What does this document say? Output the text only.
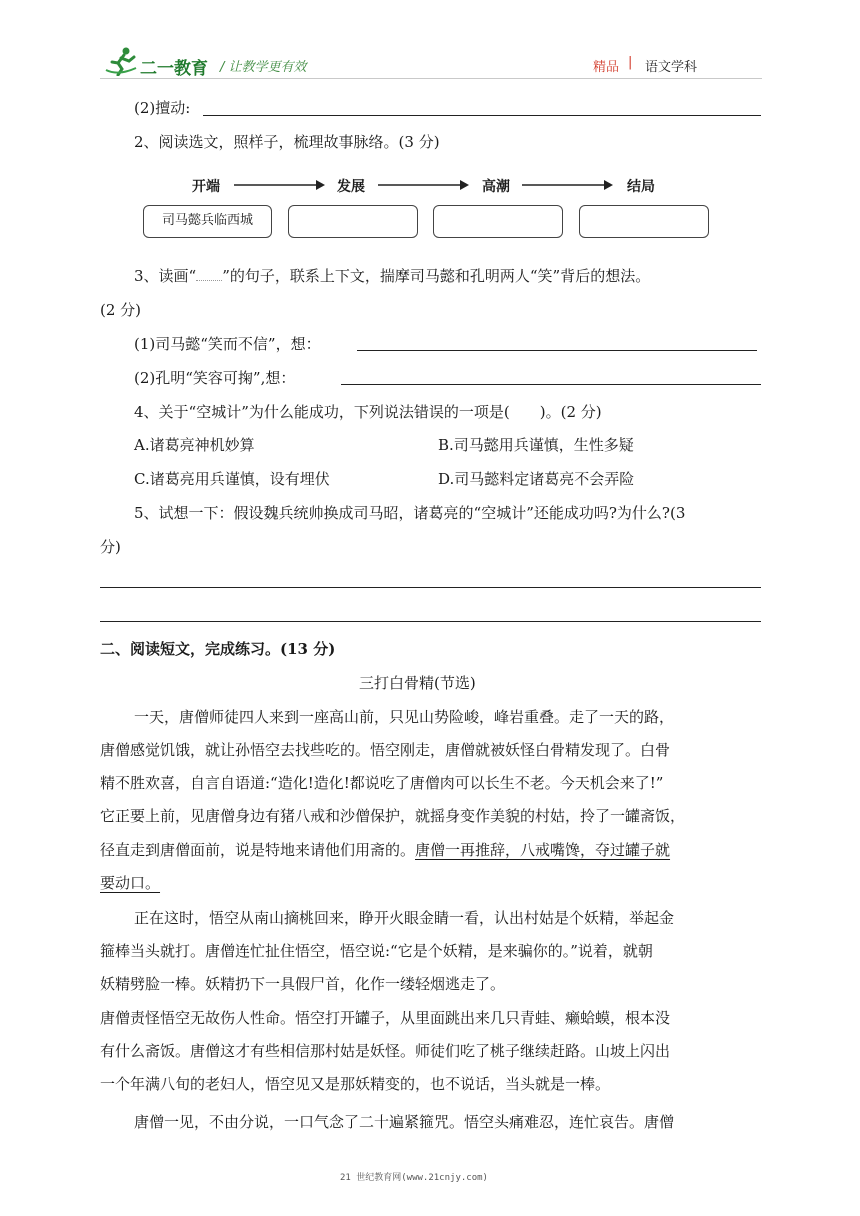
二一教育 / 让教学更有效	精品 | 语文学科
(2)擅动:
2、阅读选文，照样子，梳理故事脉络。(3 分)
开端	发展	高潮	结局
司马懿兵临西城
3、读画“ ”的句子，联系上下文，揣摩司马懿和孔明两人“笑”背后的想法。
(2 分)
(1)司马懿“笑而不信”，想：
(2)孔明“笑容可掬”,想：
4、关于“空城计”为什么能成功，下列说法错误的一项是(　　)。(2 分)
A.诸葛亮神机妙算	B.司马懿用兵谨慎，生性多疑
C.诸葛亮用兵谨慎，设有埋伏	D.司马懿料定诸葛亮不会弄险
5、试想一下：假设魏兵统帅换成司马昭，诸葛亮的“空城计”还能成功吗?为什么?(3
分)
二、阅读短文，完成练习。(13 分)
三打白骨精(节选)
一天，唐僧师徒四人来到一座高山前，只见山势险峻，峰岩重叠。走了一天的路，
唐僧感觉饥饿，就让孙悟空去找些吃的。悟空刚走，唐僧就被妖怪白骨精发现了。白骨
精不胜欢喜，自言自语道:“造化!造化!都说吃了唐僧肉可以长生不老。今天机会来了!”
它正要上前，见唐僧身边有猪八戒和沙僧保护，就摇身变作美貌的村姑，拎了一罐斋饭，
径直走到唐僧面前，说是特地来请他们用斋的。唐僧一再推辞，八戒嘴馋，夺过罐子就
要动口。
正在这时，悟空从南山摘桃回来，睁开火眼金睛一看，认出村姑是个妖精，举起金
箍棒当头就打。唐僧连忙扯住悟空，悟空说:“它是个妖精，是来骗你的。”说着，就朝
妖精劈脸一棒。妖精扔下一具假尸首，化作一缕轻烟逃走了。
唐僧责怪悟空无故伤人性命。悟空打开罐子，从里面跳出来几只青蛙、癞蛤蟆，根本没
有什么斋饭。唐僧这才有些相信那村姑是妖怪。师徒们吃了桃子继续赶路。山坡上闪出
一个年满八旬的老妇人，悟空见又是那妖精变的，也不说话，当头就是一棒。
唐僧一见，不由分说，一口气念了二十遍紧箍咒。悟空头痛难忍，连忙哀告。唐僧
21 世纪教育网(www.21cnjy.com)
